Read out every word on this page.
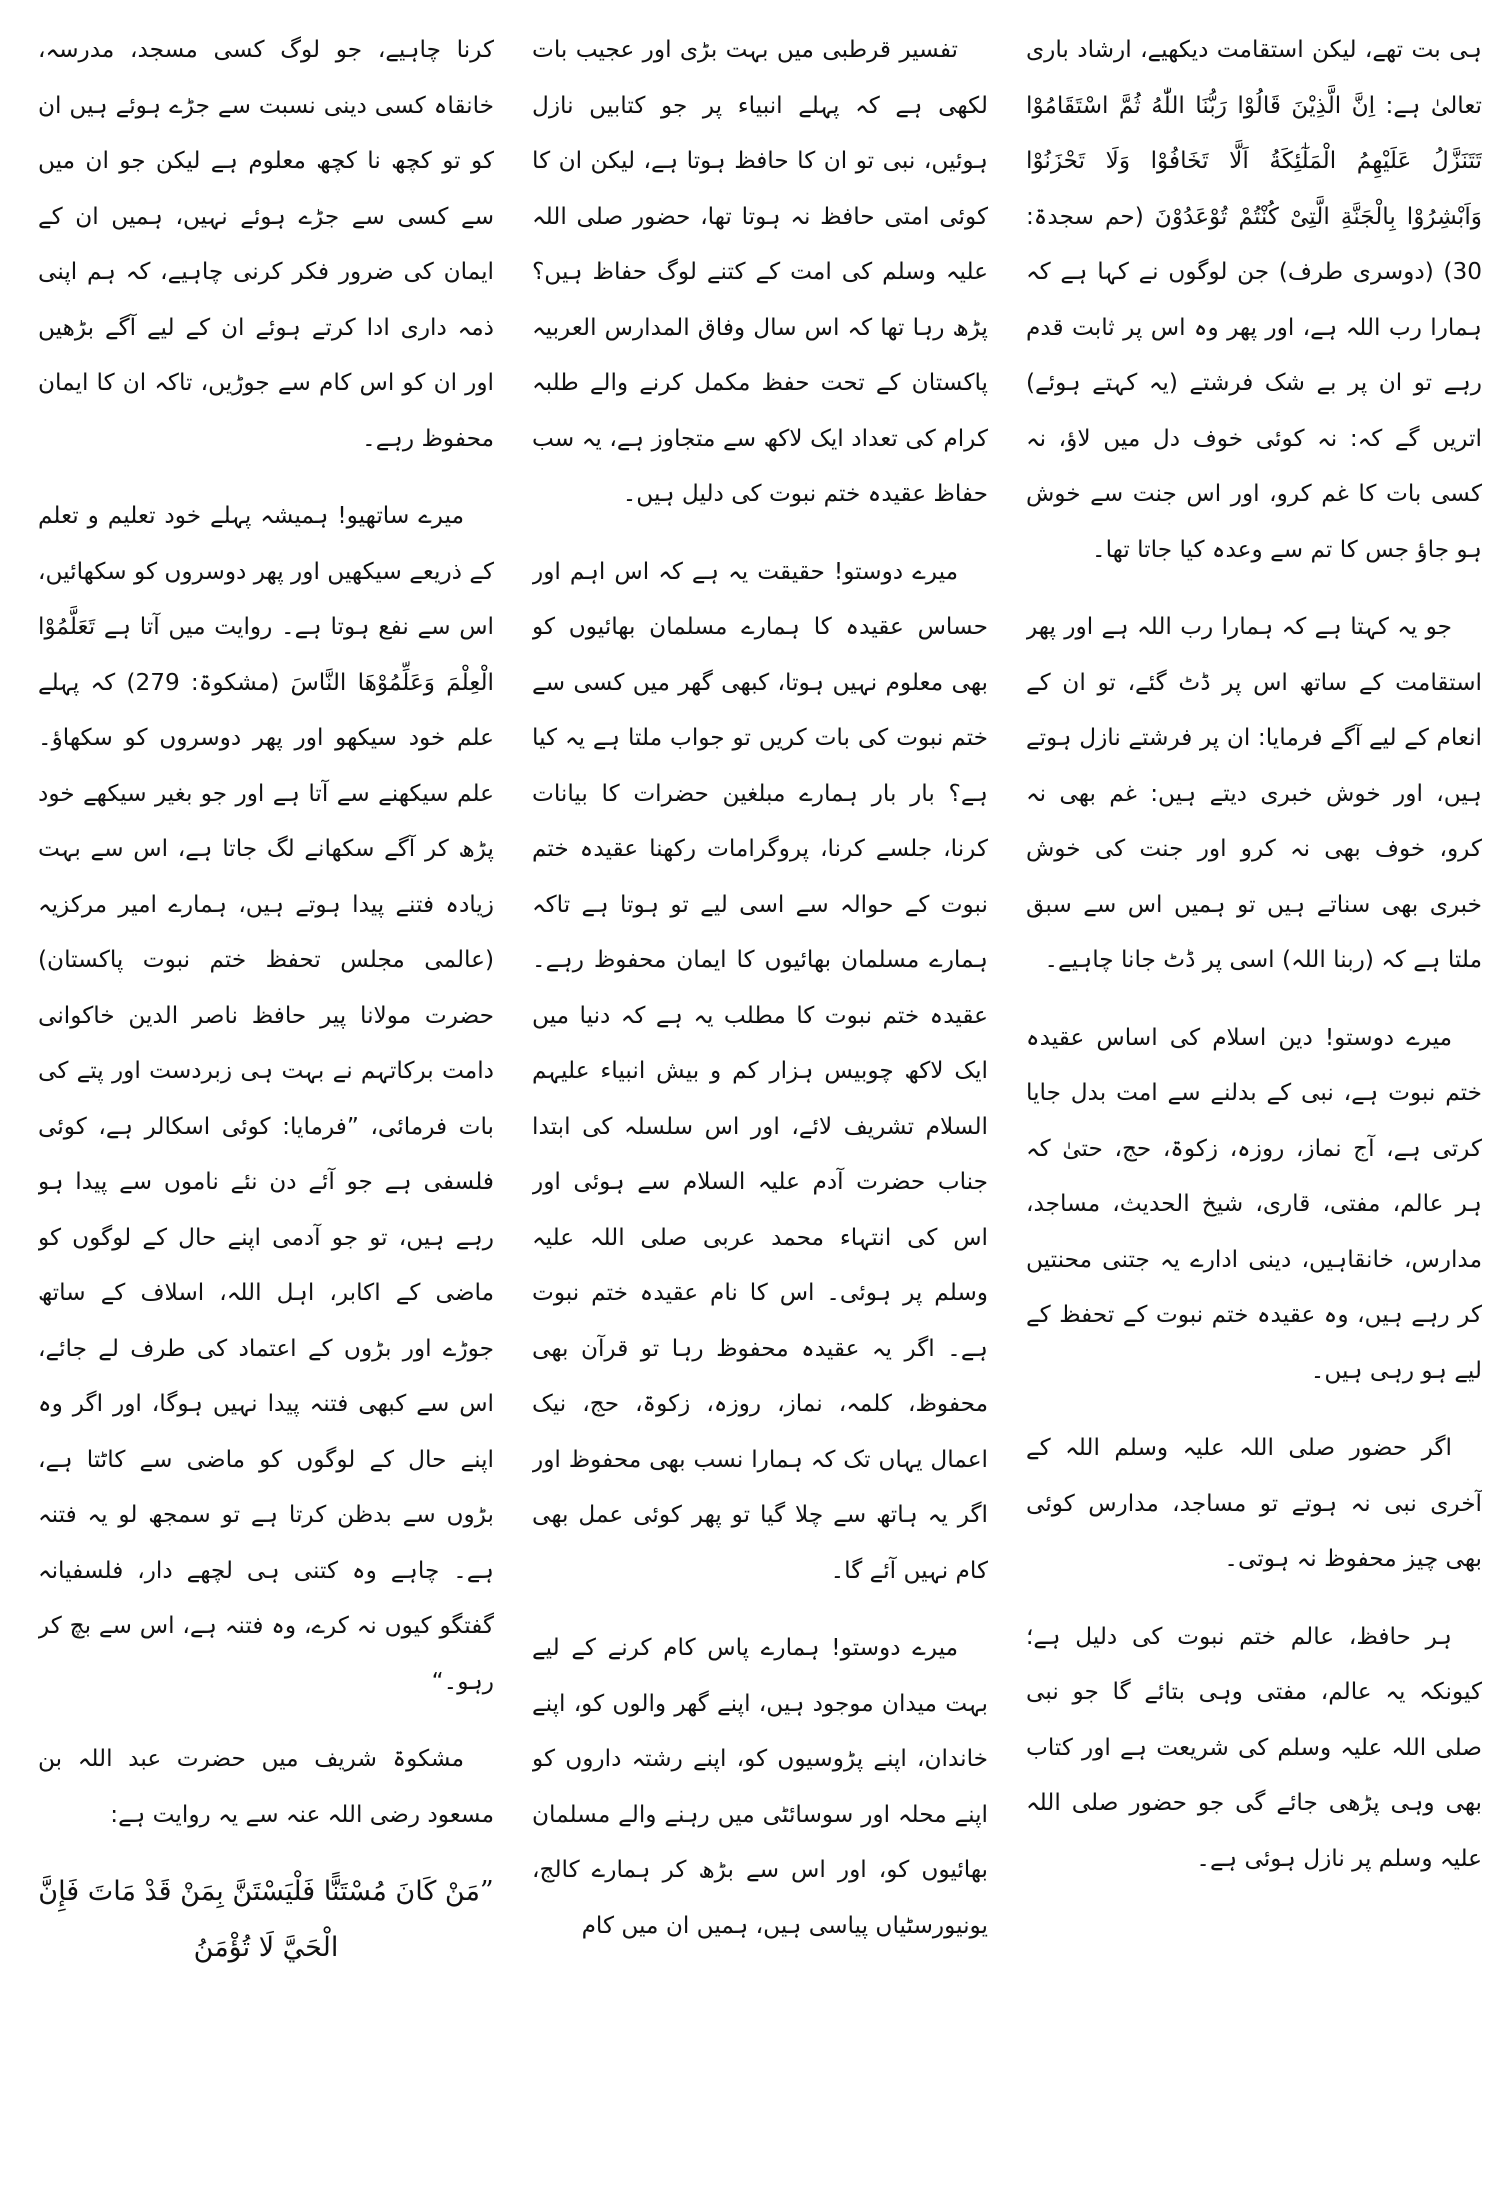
ہی بت تھے، لیکن استقامت دیکھیے، ارشاد باری تعالیٰ ہے: اِنَّ الَّذِیْنَ قَالُوْا رَبُّنَا اللّٰهُ ثُمَّ اسْتَقَامُوْا تَتَنَزَّلُ عَلَیْهِمُ الْمَلٰٓئِكَةُ اَلَّا تَخَافُوْا وَلَا تَحْزَنُوْا وَاَبْشِرُوْا بِالْجَنَّةِ الَّتِیْ كُنْتُمْ تُوْعَدُوْنَ (حم سجدۃ: 30) (دوسری طرف) جن لوگوں نے کہا ہے کہ ہمارا رب اللہ ہے، اور پھر وہ اس پر ثابت قدم رہے تو ان پر بے شک فرشتے (یہ کہتے ہوئے) اتریں گے کہ: نہ کوئی خوف دل میں لاؤ، نہ کسی بات کا غم کرو، اور اس جنت سے خوش ہو جاؤ جس کا تم سے وعدہ کیا جاتا تھا۔

جو یہ کہتا ہے کہ ہمارا رب اللہ ہے اور پھر استقامت کے ساتھ اس پر ڈٹ گئے، تو ان کے انعام کے لیے آگے فرمایا: ان پر فرشتے نازل ہوتے ہیں، اور خوش خبری دیتے ہیں: غم بھی نہ کرو، خوف بھی نہ کرو اور جنت کی خوش خبری بھی سناتے ہیں تو ہمیں اس سے سبق ملتا ہے کہ (ربنا اللہ) اسی پر ڈٹ جانا چاہیے۔

میرے دوستو! دین اسلام کی اساس عقیدہ ختم نبوت ہے، نبی کے بدلنے سے امت بدل جایا کرتی ہے، آج نماز، روزہ، زکوۃ، حج، حتیٰ کہ ہر عالم، مفتی، قاری، شیخ الحدیث، مساجد، مدارس، خانقاہیں، دینی ادارے یہ جتنی محنتیں کر رہے ہیں، وہ عقیدہ ختم نبوت کے تحفظ کے لیے ہو رہی ہیں۔

اگر حضور صلی اللہ علیہ وسلم اللہ کے آخری نبی نہ ہوتے تو مساجد، مدارس کوئی بھی چیز محفوظ نہ ہوتی۔

ہر حافظ، عالم ختم نبوت کی دلیل ہے؛ کیونکہ یہ عالم، مفتی وہی بتائے گا جو نبی صلی اللہ علیہ وسلم کی شریعت ہے اور کتاب بھی وہی پڑھی جائے گی جو حضور صلی اللہ علیہ وسلم پر نازل ہوئی ہے۔

تفسیر قرطبی میں بہت بڑی اور عجیب بات لکھی ہے کہ پہلے انبیاء پر جو کتابیں نازل ہوئیں، نبی تو ان کا حافظ ہوتا ہے، لیکن ان کا کوئی امتی حافظ نہ ہوتا تھا، حضور صلی اللہ علیہ وسلم کی امت کے کتنے لوگ حفاظ ہیں؟ پڑھ رہا تھا کہ اس سال وفاق المدارس العربیہ پاکستان کے تحت حفظ مکمل کرنے والے طلبہ کرام کی تعداد ایک لاکھ سے متجاوز ہے، یہ سب حفاظ عقیدہ ختم نبوت کی دلیل ہیں۔

میرے دوستو! حقیقت یہ ہے کہ اس اہم اور حساس عقیدہ کا ہمارے مسلمان بھائیوں کو بھی معلوم نہیں ہوتا، کبھی گھر میں کسی سے ختم نبوت کی بات کریں تو جواب ملتا ہے یہ کیا ہے؟ بار بار ہمارے مبلغین حضرات کا بیانات کرنا، جلسے کرنا، پروگرامات رکھنا عقیدہ ختم نبوت کے حوالہ سے اسی لیے تو ہوتا ہے تاکہ ہمارے مسلمان بھائیوں کا ایمان محفوظ رہے۔ عقیدہ ختم نبوت کا مطلب یہ ہے کہ دنیا میں ایک لاکھ چوبیس ہزار کم و بیش انبیاء علیہم السلام تشریف لائے، اور اس سلسلہ کی ابتدا جناب حضرت آدم علیہ السلام سے ہوئی اور اس کی انتہاء محمد عربی صلی اللہ علیہ وسلم پر ہوئی۔ اس کا نام عقیدہ ختم نبوت ہے۔ اگر یہ عقیدہ محفوظ رہا تو قرآن بھی محفوظ، کلمہ، نماز، روزہ، زکوۃ، حج، نیک اعمال یہاں تک کہ ہمارا نسب بھی محفوظ اور اگر یہ ہاتھ سے چلا گیا تو پھر کوئی عمل بھی کام نہیں آئے گا۔

میرے دوستو! ہمارے پاس کام کرنے کے لیے بہت میدان موجود ہیں، اپنے گھر والوں کو، اپنے خاندان، اپنے پڑوسیوں کو، اپنے رشتہ داروں کو اپنے محلہ اور سوسائٹی میں رہنے والے مسلمان بھائیوں کو، اور اس سے بڑھ کر ہمارے کالج، یونیورسٹیاں پیاسی ہیں، ہمیں ان میں کام

کرنا چاہیے، جو لوگ کسی مسجد، مدرسہ، خانقاہ کسی دینی نسبت سے جڑے ہوئے ہیں ان کو تو کچھ نا کچھ معلوم ہے لیکن جو ان میں سے کسی سے جڑے ہوئے نہیں، ہمیں ان کے ایمان کی ضرور فکر کرنی چاہیے، کہ ہم اپنی ذمہ داری ادا کرتے ہوئے ان کے لیے آگے بڑھیں اور ان کو اس کام سے جوڑیں، تاکہ ان کا ایمان محفوظ رہے۔

میرے ساتھیو! ہمیشہ پہلے خود تعلیم و تعلم کے ذریعے سیکھیں اور پھر دوسروں کو سکھائیں، اس سے نفع ہوتا ہے۔ روایت میں آتا ہے تَعَلَّمُوْا الْعِلْمَ وَعَلِّمُوْهَا النَّاسَ (مشکوۃ: 279) کہ پہلے علم خود سیکھو اور پھر دوسروں کو سکھاؤ۔ علم سیکھنے سے آتا ہے اور جو بغیر سیکھے خود پڑھ کر آگے سکھانے لگ جاتا ہے، اس سے بہت زیادہ فتنے پیدا ہوتے ہیں، ہمارے امیر مرکزیہ (عالمی مجلس تحفظ ختم نبوت پاکستان) حضرت مولانا پیر حافظ ناصر الدین خاکوانی دامت برکاتہم نے بہت ہی زبردست اور پتے کی بات فرمائی، ”فرمایا: کوئی اسکالر ہے، کوئی فلسفی ہے جو آئے دن نئے ناموں سے پیدا ہو رہے ہیں، تو جو آدمی اپنے حال کے لوگوں کو ماضی کے اکابر، اہل اللہ، اسلاف کے ساتھ جوڑے اور بڑوں کے اعتماد کی طرف لے جائے، اس سے کبھی فتنہ پیدا نہیں ہوگا، اور اگر وہ اپنے حال کے لوگوں کو ماضی سے کاٹتا ہے، بڑوں سے بدظن کرتا ہے تو سمجھ لو یہ فتنہ ہے۔ چاہے وہ کتنی ہی لچھے دار، فلسفیانہ گفتگو کیوں نہ کرے، وہ فتنہ ہے، اس سے بچ کر رہو۔“

مشکوۃ شریف میں حضرت عبد اللہ بن مسعود رضی اللہ عنہ سے یہ روایت ہے:

”مَنْ كَانَ مُسْتَنًّا فَلْيَسْتَنَّ بِمَنْ قَدْ مَاتَ فَإِنَّ الْحَيَّ لَا تُؤْمَنُ
